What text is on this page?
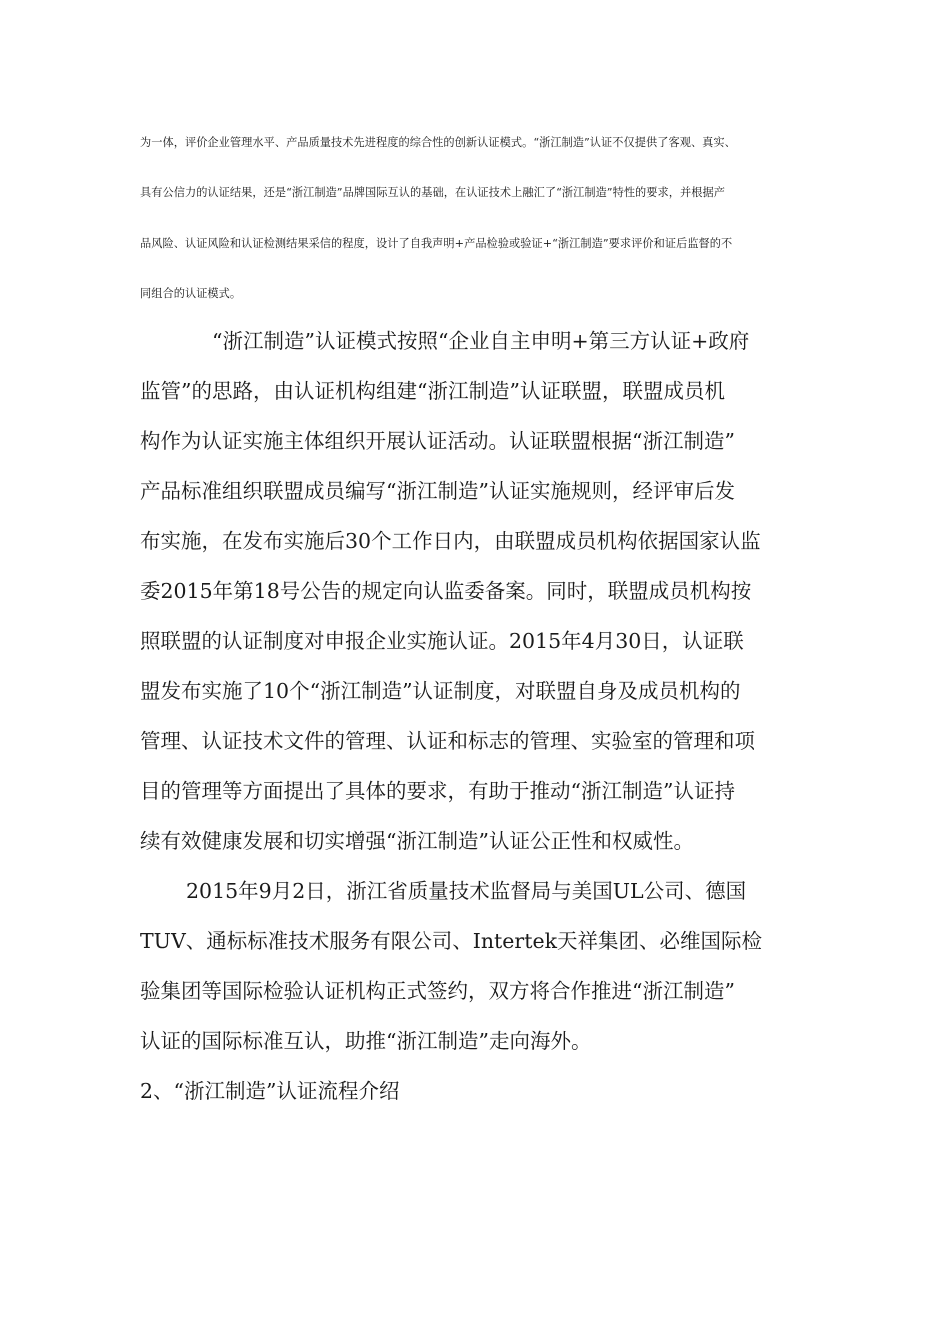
为一体，评价企业管理水平、产品质量技术先进程度的综合性的创新认证模式。“浙江制造”认证不仅提供了客观、真实、
具有公信力的认证结果，还是“浙江制造”品牌国际互认的基础，在认证技术上融汇了“浙江制造”特性的要求，并根据产
品风险、认证风险和认证检测结果采信的程度，设计了自我声明+产品检验或验证+“浙江制造”要求评价和证后监督的不
同组合的认证模式。
“浙江制造”认证模式按照“企业自主申明+第三方认证+政府
监管”的思路，由认证机构组建“浙江制造”认证联盟，联盟成员机
构作为认证实施主体组织开展认证活动。认证联盟根据“浙江制造”
产品标准组织联盟成员编写“浙江制造”认证实施规则，经评审后发
布实施，在发布实施后30个工作日内，由联盟成员机构依据国家认监
委2015年第18号公告的规定向认监委备案。同时，联盟成员机构按
照联盟的认证制度对申报企业实施认证。2015年4月30日，认证联
盟发布实施了10个“浙江制造”认证制度，对联盟自身及成员机构的
管理、认证技术文件的管理、认证和标志的管理、实验室的管理和项
目的管理等方面提出了具体的要求，有助于推动“浙江制造”认证持
续有效健康发展和切实增强“浙江制造”认证公正性和权威性。
2015年9月2日，浙江省质量技术监督局与美国UL公司、德国
TUV、通标标准技术服务有限公司、Intertek天祥集团、必维国际检
验集团等国际检验认证机构正式签约，双方将合作推进“浙江制造”
认证的国际标准互认，助推“浙江制造”走向海外。
2、“浙江制造”认证流程介绍
